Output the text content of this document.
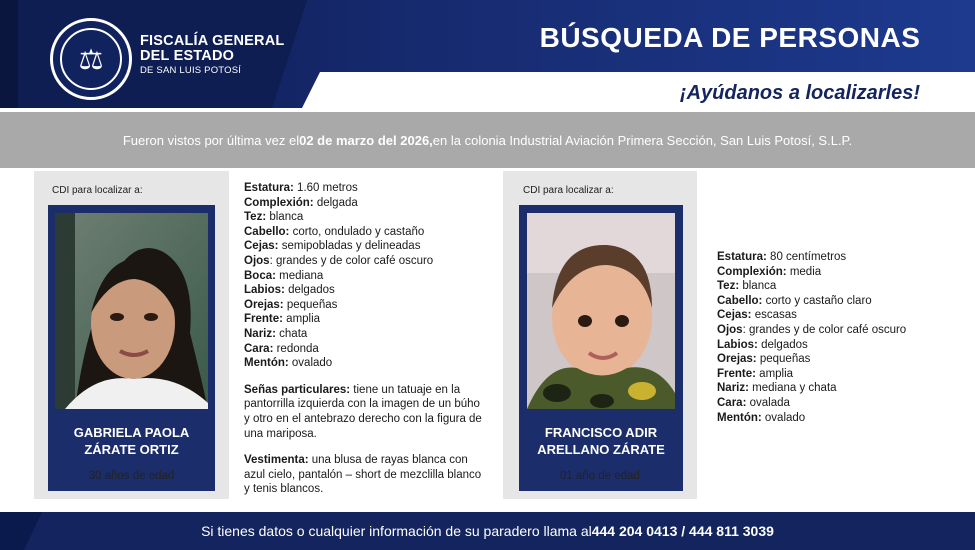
⚖
FISCALÍA GENERAL
DEL ESTADO
DE SAN LUIS POTOSÍ
BÚSQUEDA DE PERSONAS
¡Ayúdanos a localizarles!
Fueron vistos por última vez el 02 de marzo del 2026, en la colonia Industrial Aviación Primera Sección, San Luis Potosí, S.L.P.
CDI para localizar a:
GABRIELA PAOLA
ZÁRATE ORTIZ
30 años de edad

Estatura: 1.60 metros

Complexión: delgada

Tez: blanca

Cabello: corto, ondulado y castaño

Cejas: semipobladas y delineadas

Ojos: grandes y de color café oscuro

Boca: mediana

Labios: delgados

Orejas: pequeñas

Frente: amplia

Nariz: chata

Cara: redonda

Mentón: ovalado

Señas particulares: tiene un tatuaje en la pantorrilla izquierda con la imagen de un búho y otro en el antebrazo derecho con la figura de una mariposa.

Vestimenta: una blusa de rayas blanca con azul cielo, pantalón – short de mezclilla blanco y tenis blancos.

CDI para localizar a:
FRANCISCO ADIR
ARELLANO ZÁRATE
01 año de edad

Estatura: 80 centímetros

Complexión: media

Tez: blanca

Cabello: corto y castaño claro

Cejas: escasas

Ojos: grandes y de color café oscuro

Labios: delgados

Orejas: pequeñas

Frente: amplia

Nariz: mediana y chata

Cara: ovalada

Mentón: ovalado

Si tienes datos o cualquier información de su paradero llama al 444 204 0413 / 444 811 3039
